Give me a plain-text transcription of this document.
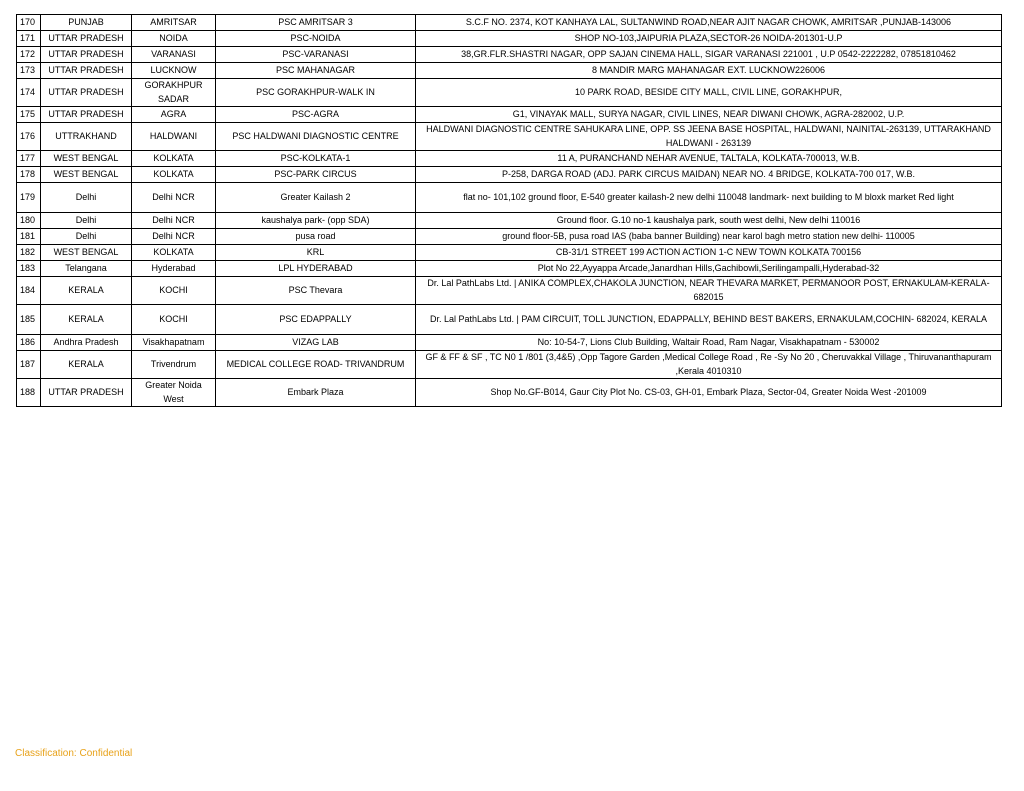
170	PUNJAB	AMRITSAR	PSC AMRITSAR 3	S.C.F NO. 2374, KOT KANHAYA LAL, SULTANWIND ROAD,NEAR AJIT NAGAR CHOWK, AMRITSAR ,PUNJAB-143006
171	UTTAR PRADESH	NOIDA	PSC-NOIDA	SHOP NO-103,JAIPURIA PLAZA,SECTOR-26 NOIDA-201301-U.P
172	UTTAR PRADESH	VARANASI	PSC-VARANASI	38,GR.FLR.SHASTRI NAGAR, OPP SAJAN CINEMA HALL, SIGAR VARANASI 221001 , U.P 0542-2222282, 07851810462
173	UTTAR PRADESH	LUCKNOW	PSC MAHANAGAR	8 MANDIR MARG MAHANAGAR EXT. LUCKNOW226006
174	UTTAR PRADESH	GORAKHPUR SADAR	PSC GORAKHPUR-WALK IN	10 PARK ROAD, BESIDE CITY MALL, CIVIL LINE, GORAKHPUR,
175	UTTAR PRADESH	AGRA	PSC-AGRA	G1, VINAYAK MALL, SURYA NAGAR, CIVIL LINES, NEAR DIWANI CHOWK, AGRA-282002, U.P.
176	UTTRAKHAND	HALDWANI	PSC HALDWANI DIAGNOSTIC CENTRE	HALDWANI DIAGNOSTIC CENTRE SAHUKARA LINE, OPP. SS JEENA BASE HOSPITAL, HALDWANI, NAINITAL-263139, UTTARAKHAND HALDWANI - 263139
177	WEST BENGAL	KOLKATA	PSC-KOLKATA-1	11 A, PURANCHAND NEHAR AVENUE, TALTALA, KOLKATA-700013, W.B.
178	WEST BENGAL	KOLKATA	PSC-PARK CIRCUS	P-258, DARGA ROAD (ADJ. PARK CIRCUS MAIDAN) NEAR NO. 4 BRIDGE, KOLKATA-700 017, W.B.
179	Delhi	Delhi NCR	Greater Kailash 2	flat no- 101,102 ground floor, E-540 greater kailash-2 new delhi 110048 landmark- next building to M bloxk market Red light
180	Delhi	Delhi NCR	kaushalya park- (opp SDA)	Ground floor. G.10 no-1 kaushalya park, south west delhi, New delhi 110016
181	Delhi	Delhi NCR	pusa road	ground floor-5B, pusa road IAS (baba banner Building) near karol bagh metro station new delhi- 110005
182	WEST BENGAL	KOLKATA	KRL	CB-31/1 STREET 199 ACTION ACTION 1-C NEW TOWN KOLKATA 700156
183	Telangana	Hyderabad	LPL HYDERABAD	Plot No 22,Ayyappa Arcade,Janardhan Hills,Gachibowli,Serilingampalli,Hyderabad-32
184	KERALA	KOCHI	PSC Thevara	Dr. Lal PathLabs Ltd. | ANIKA COMPLEX,CHAKOLA JUNCTION, NEAR THEVARA MARKET, PERMANOOR POST, ERNAKULAM-KERALA-682015
185	KERALA	KOCHI	PSC EDAPPALLY	Dr. Lal PathLabs Ltd. | PAM CIRCUIT, TOLL JUNCTION, EDAPPALLY, BEHIND BEST BAKERS, ERNAKULAM,COCHIN- 682024, KERALA
186	Andhra Pradesh	Visakhapatnam	VIZAG LAB	No: 10-54-7, Lions Club Building, Waltair Road, Ram Nagar, Visakhapatnam - 530002
187	KERALA	Trivendrum	MEDICAL COLLEGE ROAD- TRIVANDRUM	GF & FF & SF , TC N0 1 /801 (3,4&5) ,Opp Tagore Garden ,Medical College Road , Re -Sy No 20 , Cheruvakkal Village , Thiruvananthapuram ,Kerala 4010310
188	UTTAR PRADESH	Greater Noida West	Embark Plaza	Shop No.GF-B014, Gaur City Plot No. CS-03, GH-01, Embark Plaza, Sector-04, Greater Noida West -201009
Classification: Confidential
